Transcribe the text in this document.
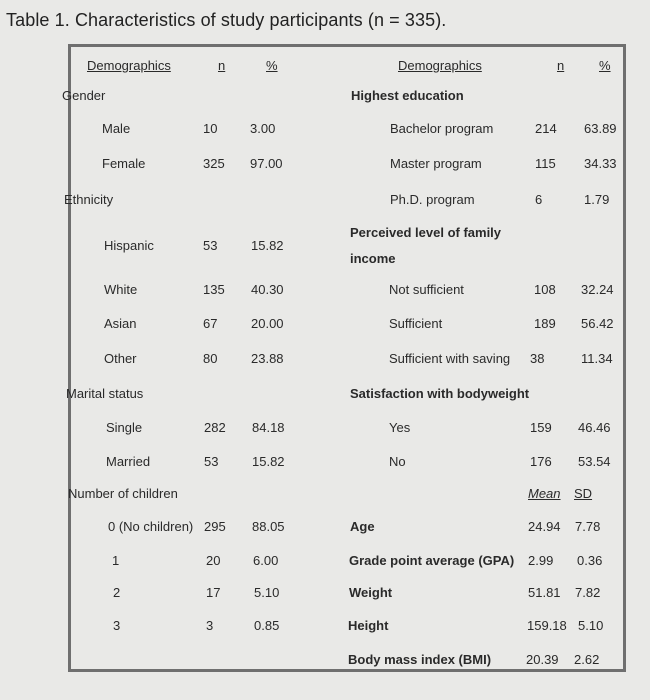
Table 1. Characteristics of study participants (n = 335).
Demographics	n	%	Demographics	n	%
Gender
Male	10	3.00
Female	325 97.00
Ethnicity
Hispanic	53	15.82
White	135 40.30
Asian	67	20.00
Other	80	23.88
Marital status
Single	282 84.18
Married	53	15.82
Number of children
0 (No children) 295 88.05
1	20	6.00
2	17	5.10
3	3	0.85
Highest education
Bachelor program	214 63.89
Master program	115 34.33
Ph.D. program	6	1.79
Perceived level of family
income
Not sufficient	108 32.24
Sufficient	189 56.42
Sufficient with saving 38	11.34
Satisfaction with bodyweight
Yes	159 46.46
No	176 53.54
Mean SD
Age	24.94 7.78
Grade point average (GPA) 2.99 0.36
Weight	51.81 7.82
Height	159.18 5.10
Body mass index (BMI)	20.39 2.62
